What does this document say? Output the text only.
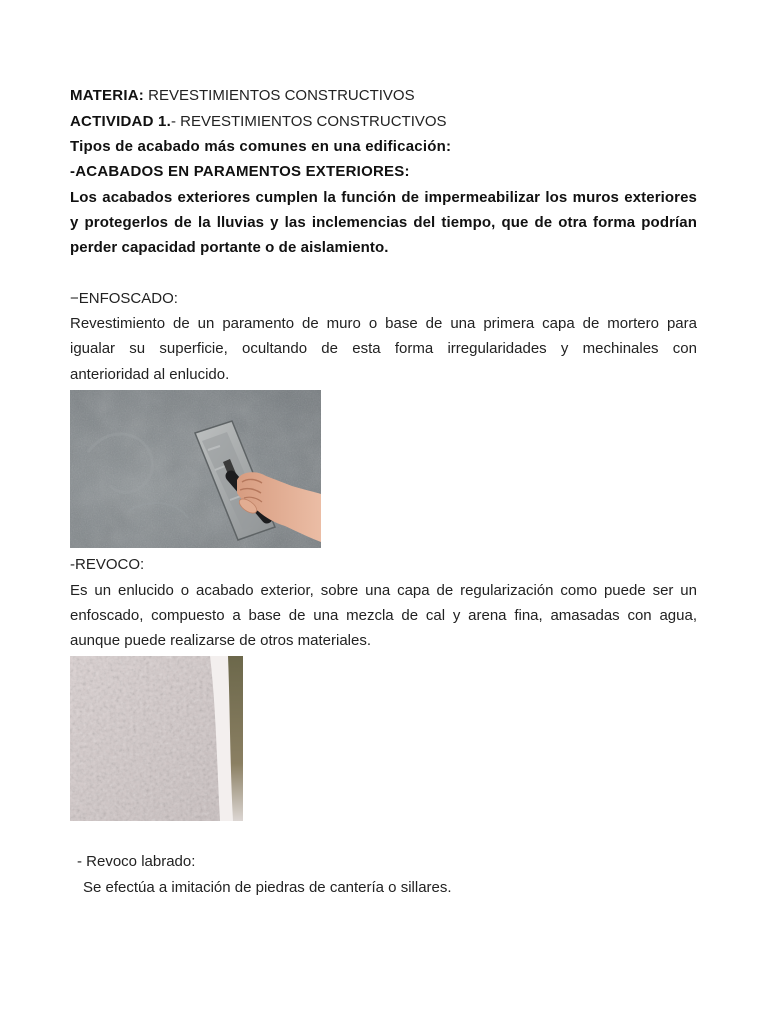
MATERIA: REVESTIMIENTOS CONSTRUCTIVOS
ACTIVIDAD 1.- REVESTIMIENTOS CONSTRUCTIVOS
Tipos de acabado más comunes en una edificación:
-ACABADOS EN PARAMENTOS EXTERIORES:
Los acabados exteriores cumplen la función de impermeabilizar los muros exteriores
y protegerlos de la lluvias y las inclemencias del tiempo, que de otra forma podrían
perder capacidad portante o de aislamiento.
−ENFOSCADO:
Revestimiento de un paramento de muro o base de una primera capa de mortero para
igualar su superficie, ocultando de esta forma irregularidades y mechinales con
anterioridad al enlucido.
-REVOCO:
Es un enlucido o acabado exterior, sobre una capa de regularización como puede ser un
enfoscado, compuesto a base de una mezcla de cal y arena fina, amasadas con agua,
aunque puede realizarse de otros materiales.
- Revoco labrado:
Se efectúa a imitación de piedras de cantería o sillares.
